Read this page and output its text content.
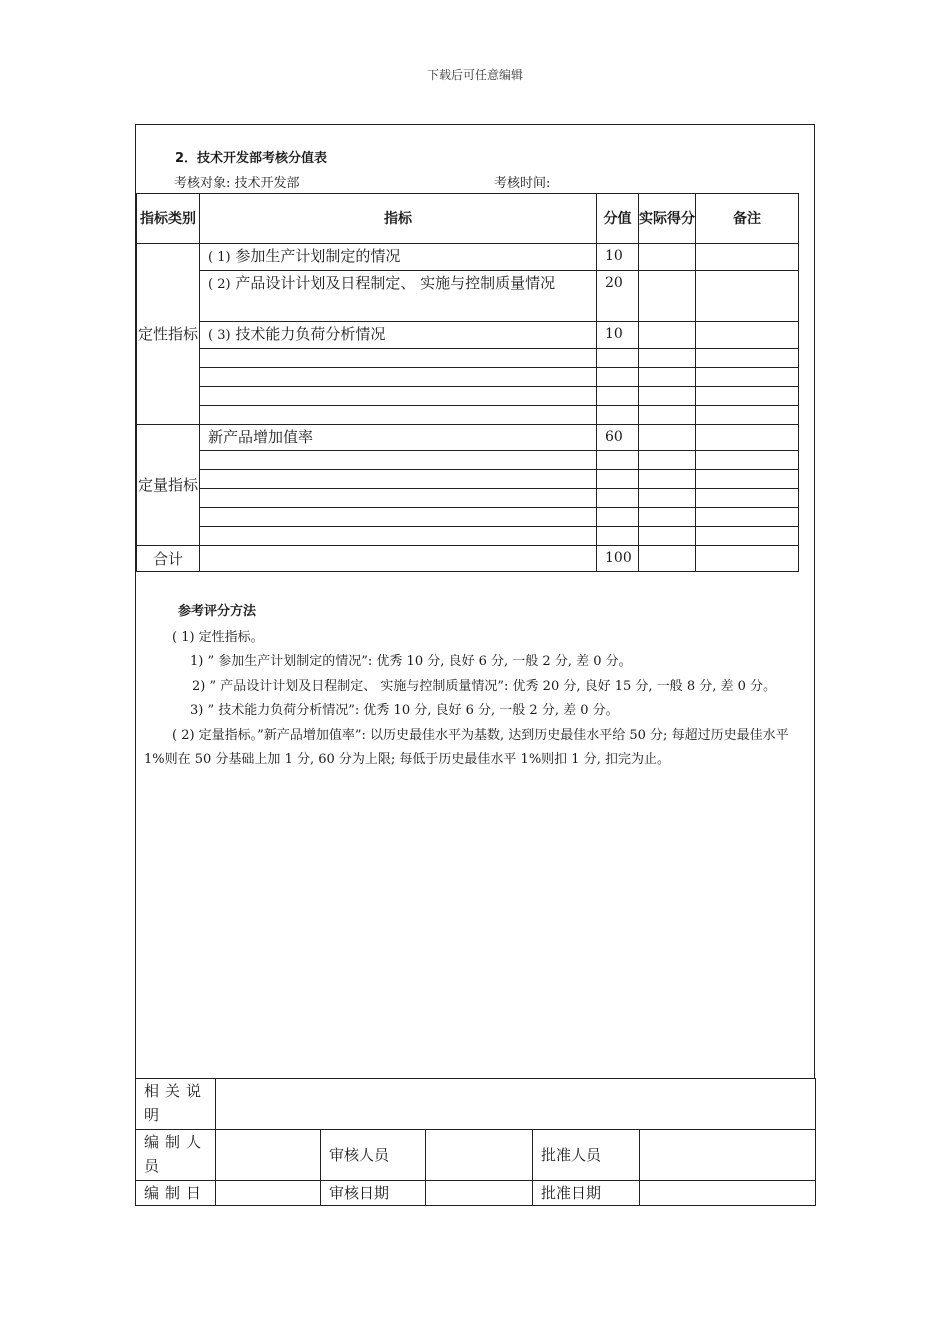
下载后可任意编辑
2．技术开发部考核分值表
考核对象: 技术开发部	考核时间:
指标类别	指标	分值	实际得分	备注
定性指标	( 1) 参加生产计划制定的情况	10		
	( 2) 产品设计计划及日程制定、 实施与控制质量情况	20		
	( 3) 技术能力负荷分析情况	10		

定量指标	新产品增加值率	60		

合计		100		
参考评分方法
( 1) 定性指标。
1) ” 参加生产计划制定的情况”: 优秀 10 分, 良好 6 分, 一般 2 分, 差 0 分。
2) ” 产品设计计划及日程制定、 实施与控制质量情况”: 优秀 20 分, 良好 15 分, 一般 8 分, 差 0 分。
3) ” 技术能力负荷分析情况”: 优秀 10 分, 良好 6 分, 一般 2 分, 差 0 分。
( 2) 定量指标。”新产品增加值率”: 以历史最佳水平为基数, 达到历史最佳水平给 50 分; 每超过历史最佳水平 1%则在 50 分基础上加 1 分, 60 分为上限; 每低于历史最佳水平 1%则扣 1 分, 扣完为止。
相关说明					
编制人员		审核人员		批准人员	
编制日		审核日期		批准日期	
